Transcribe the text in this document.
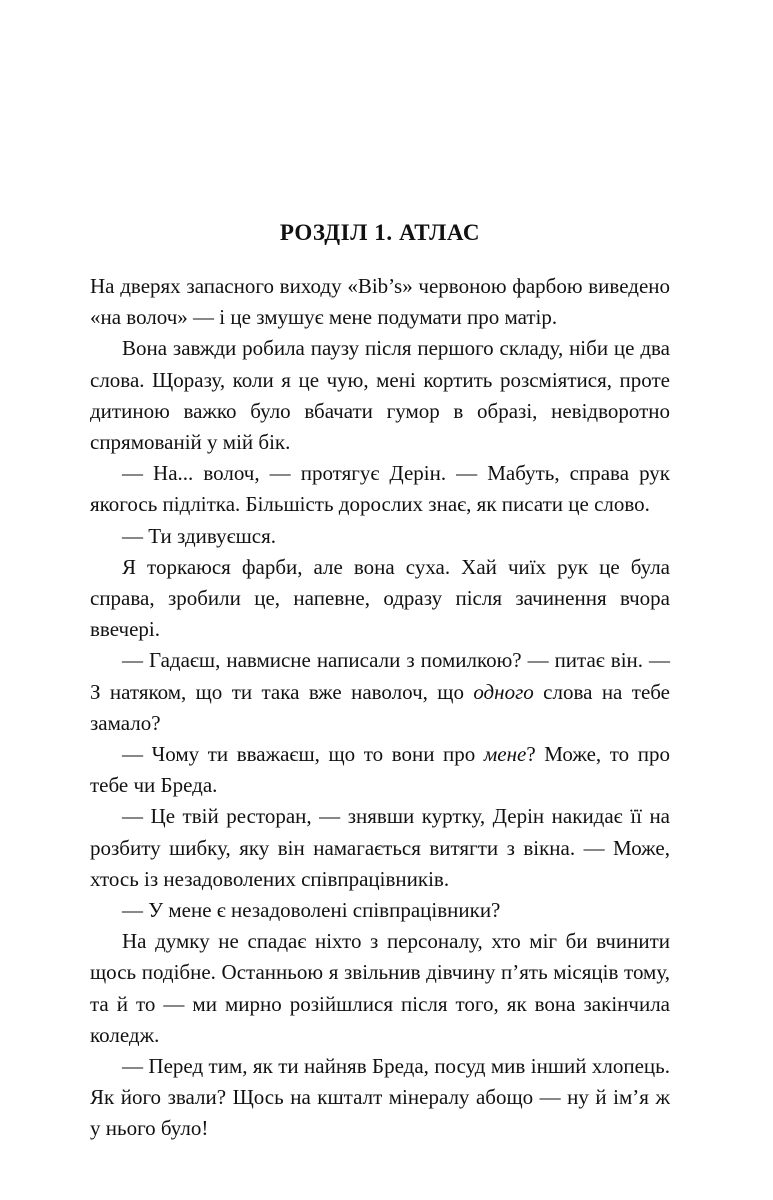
РОЗДІЛ 1. АТЛАС

На дверях запасного виходу «Bib’s» червоною фарбою виведено «на волоч» — і це змушує мене подумати про матір.

Вона завжди робила паузу після першого складу, ніби це два слова. Щоразу, коли я це чую, мені кортить розсміятися, проте дитиною важко було вбачати гумор в образі, невідворотно спрямованій у мій бік.

— На... волоч, — протягує Дерін. — Мабуть, справа рук якогось підлітка. Більшість дорослих знає, як писати це слово.

— Ти здивуєшся.

Я торкаюся фарби, але вона суха. Хай чиїх рук це була справа, зробили це, напевне, одразу після зачинення вчора ввечері.

— Гадаєш, навмисне написали з помилкою? — питає він. — З натяком, що ти така вже наволоч, що одного слова на тебе замало?

— Чому ти вважаєш, що то вони про мене? Може, то про тебе чи Бреда.

— Це твій ресторан, — знявши куртку, Дерін накидає її на розбиту шибку, яку він намагається витягти з вікна. — Може, хтось із незадоволених співпрацівників.

— У мене є незадоволені співпрацівники?

На думку не спадає ніхто з персоналу, хто міг би вчинити щось подібне. Останньою я звільнив дівчину п’ять місяців тому, та й то — ми мирно розійшлися після того, як вона закінчила коледж.

— Перед тим, як ти найняв Бреда, посуд мив інший хлопець. Як його звали? Щось на кшталт мінералу абощо — ну й ім’я ж у нього було!
